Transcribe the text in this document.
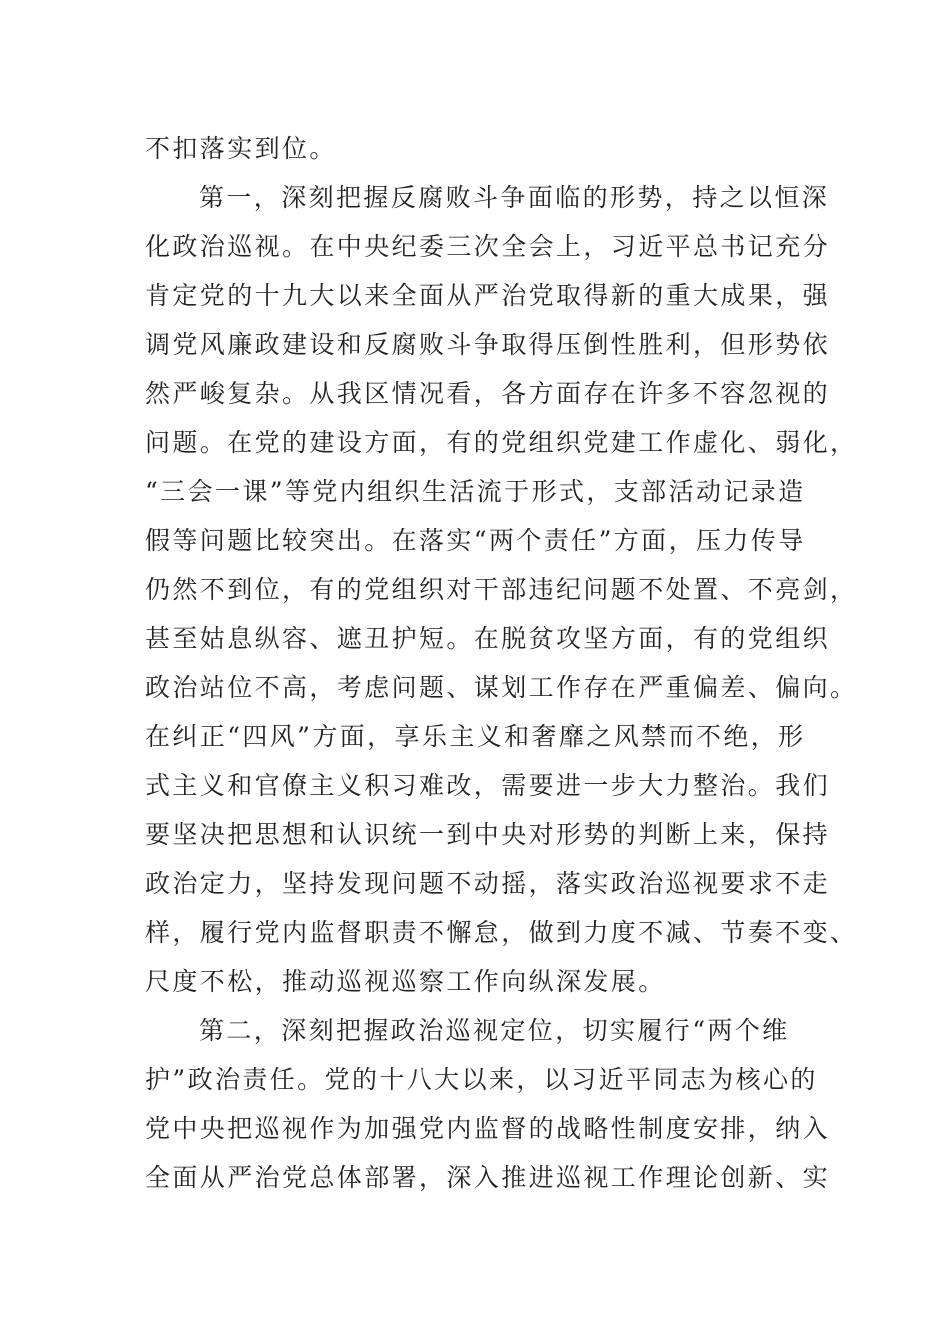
不扣落实到位。
第一，深刻把握反腐败斗争面临的形势，持之以恒深
化政治巡视。在中央纪委三次全会上，习近平总书记充分
肯定党的十九大以来全面从严治党取得新的重大成果，强
调党风廉政建设和反腐败斗争取得压倒性胜利，但形势依
然严峻复杂。从我区情况看，各方面存在许多不容忽视的
问题。在党的建设方面，有的党组织党建工作虚化、弱化，
“三会一课”等党内组织生活流于形式，支部活动记录造
假等问题比较突出。在落实“两个责任”方面，压力传导
仍然不到位，有的党组织对干部违纪问题不处置、不亮剑，
甚至姑息纵容、遮丑护短。在脱贫攻坚方面，有的党组织
政治站位不高，考虑问题、谋划工作存在严重偏差、偏向。
在纠正“四风”方面，享乐主义和奢靡之风禁而不绝，形
式主义和官僚主义积习难改，需要进一步大力整治。我们
要坚决把思想和认识统一到中央对形势的判断上来，保持
政治定力，坚持发现问题不动摇，落实政治巡视要求不走
样，履行党内监督职责不懈怠，做到力度不减、节奏不变、
尺度不松，推动巡视巡察工作向纵深发展。
第二，深刻把握政治巡视定位，切实履行“两个维
护”政治责任。党的十八大以来，以习近平同志为核心的
党中央把巡视作为加强党内监督的战略性制度安排，纳入
全面从严治党总体部署，深入推进巡视工作理论创新、实
